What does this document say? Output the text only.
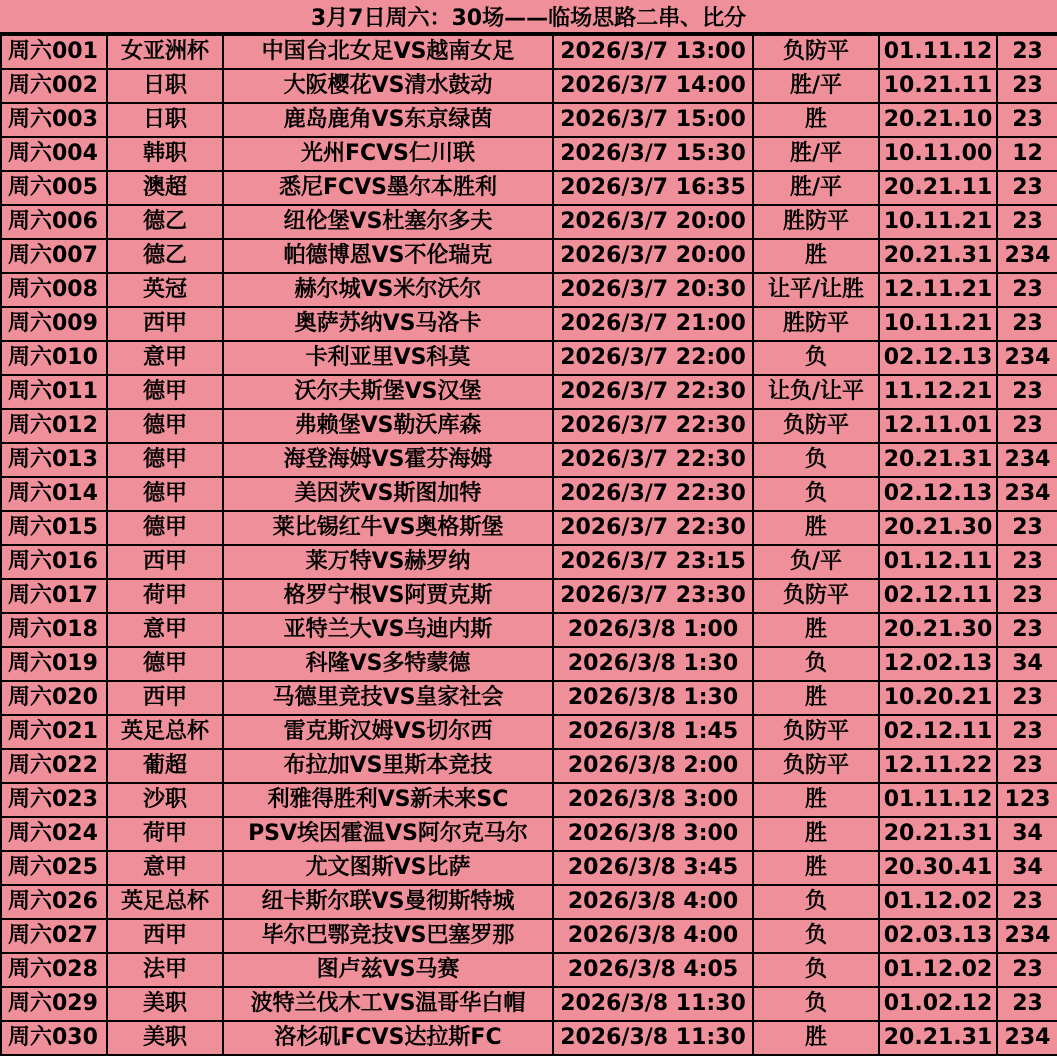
3月7日周六：30场——临场思路二串、比分
周六001	女亚洲杯	中国台北女足VS越南女足	2026/3/7 13:00	负防平	01.11.12	23
周六002	日职	大阪樱花VS清水鼓动	2026/3/7 14:00	胜/平	10.21.11	23
周六003	日职	鹿岛鹿角VS东京绿茵	2026/3/7 15:00	胜	20.21.10	23
周六004	韩职	光州FCVS仁川联	2026/3/7 15:30	胜/平	10.11.00	12
周六005	澳超	悉尼FCVS墨尔本胜利	2026/3/7 16:35	胜/平	20.21.11	23
周六006	德乙	纽伦堡VS杜塞尔多夫	2026/3/7 20:00	胜防平	10.11.21	23
周六007	德乙	帕德博恩VS不伦瑞克	2026/3/7 20:00	胜	20.21.31	234
周六008	英冠	赫尔城VS米尔沃尔	2026/3/7 20:30	让平/让胜	12.11.21	23
周六009	西甲	奥萨苏纳VS马洛卡	2026/3/7 21:00	胜防平	10.11.21	23
周六010	意甲	卡利亚里VS科莫	2026/3/7 22:00	负	02.12.13	234
周六011	德甲	沃尔夫斯堡VS汉堡	2026/3/7 22:30	让负/让平	11.12.21	23
周六012	德甲	弗赖堡VS勒沃库森	2026/3/7 22:30	负防平	12.11.01	23
周六013	德甲	海登海姆VS霍芬海姆	2026/3/7 22:30	负	20.21.31	234
周六014	德甲	美因茨VS斯图加特	2026/3/7 22:30	负	02.12.13	234
周六015	德甲	莱比锡红牛VS奥格斯堡	2026/3/7 22:30	胜	20.21.30	23
周六016	西甲	莱万特VS赫罗纳	2026/3/7 23:15	负/平	01.12.11	23
周六017	荷甲	格罗宁根VS阿贾克斯	2026/3/7 23:30	负防平	02.12.11	23
周六018	意甲	亚特兰大VS乌迪内斯	2026/3/8 1:00	胜	20.21.30	23
周六019	德甲	科隆VS多特蒙德	2026/3/8 1:30	负	12.02.13	34
周六020	西甲	马德里竞技VS皇家社会	2026/3/8 1:30	胜	10.20.21	23
周六021	英足总杯	雷克斯汉姆VS切尔西	2026/3/8 1:45	负防平	02.12.11	23
周六022	葡超	布拉加VS里斯本竞技	2026/3/8 2:00	负防平	12.11.22	23
周六023	沙职	利雅得胜利VS新未来SC	2026/3/8 3:00	胜	01.11.12	123
周六024	荷甲	PSV埃因霍温VS阿尔克马尔	2026/3/8 3:00	胜	20.21.31	34
周六025	意甲	尤文图斯VS比萨	2026/3/8 3:45	胜	20.30.41	34
周六026	英足总杯	纽卡斯尔联VS曼彻斯特城	2026/3/8 4:00	负	01.12.02	23
周六027	西甲	毕尔巴鄂竞技VS巴塞罗那	2026/3/8 4:00	负	02.03.13	234
周六028	法甲	图卢兹VS马赛	2026/3/8 4:05	负	01.12.02	23
周六029	美职	波特兰伐木工VS温哥华白帽	2026/3/8 11:30	负	01.02.12	23
周六030	美职	洛杉矶FCVS达拉斯FC	2026/3/8 11:30	胜	20.21.31	234
